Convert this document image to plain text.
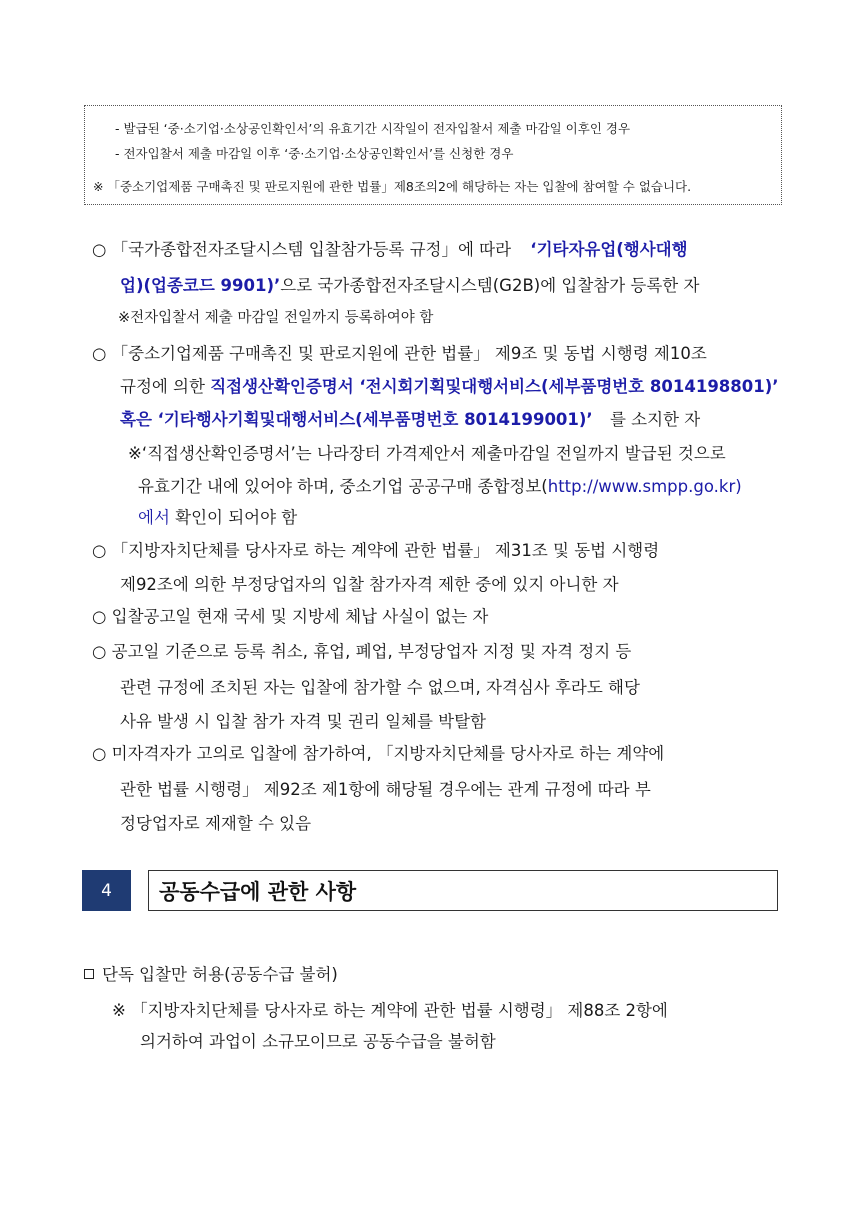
- 발급된 ‘중·소기업·소상공인확인서’의 유효기간 시작일이 전자입찰서 제출 마감일 이후인 경우
- 전자입찰서 제출 마감일 이후 ‘중·소기업·소상공인확인서’를 신청한 경우
※ 「중소기업제품 구매촉진 및 판로지원에 관한 법률」제8조의2에 해당하는 자는 입찰에 참여할 수 없습니다.
○ 「국가종합전자조달시스템 입찰참가등록 규정」에 따라 ‘기타자유업(행사대행
업)(업종코드 9901)’으로 국가종합전자조달시스템(G2B)에 입찰참가 등록한 자
※전자입찰서 제출 마감일 전일까지 등록하여야 함
○ 「중소기업제품 구매촉진 및 판로지원에 관한 법률」 제9조 및 동법 시행령 제10조
규정에 의한 직접생산확인증명서 ‘전시회기획및대행서비스(세부품명번호 8014198801)’
혹은 ‘기타행사기획및대행서비스(세부품명번호 8014199001)’ 를 소지한 자
※‘직접생산확인증명서’는 나라장터 가격제안서 제출마감일 전일까지 발급된 것으로
유효기간 내에 있어야 하며, 중소기업 공공구매 종합정보(http://www.smpp.go.kr)
에서 확인이 되어야 함
○ 「지방자치단체를 당사자로 하는 계약에 관한 법률」 제31조 및 동법 시행령
제92조에 의한 부정당업자의 입찰 참가자격 제한 중에 있지 아니한 자
○ 입찰공고일 현재 국세 및 지방세 체납 사실이 없는 자
○ 공고일 기준으로 등록 취소, 휴업, 폐업, 부정당업자 지정 및 자격 정지 등
관련 규정에 조치된 자는 입찰에 참가할 수 없으며, 자격심사 후라도 해당
사유 발생 시 입찰 참가 자격 및 권리 일체를 박탈함
○ 미자격자가 고의로 입찰에 참가하여, 「지방자치단체를 당사자로 하는 계약에
관한 법률 시행령」 제92조 제1항에 해당될 경우에는 관계 규정에 따라 부
정당업자로 제재할 수 있음
4	공동수급에 관한 사항
단독 입찰만 허용(공동수급 불허)
※ 「지방자치단체를 당사자로 하는 계약에 관한 법률 시행령」 제88조 2항에
의거하여 과업이 소규모이므로 공동수급을 불허함
